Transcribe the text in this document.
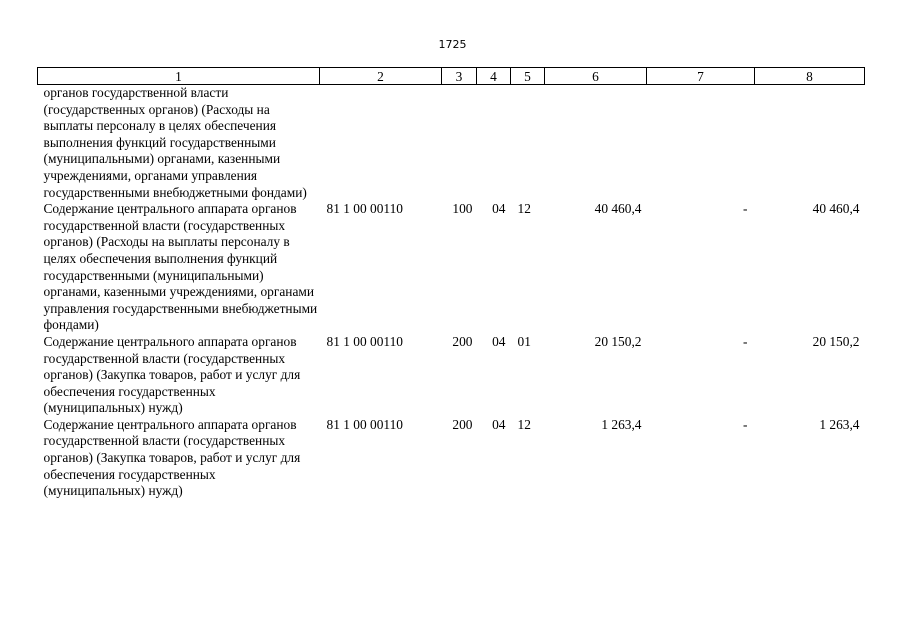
1725
1	2	3	4	5	6	7	8
органов государственной власти (государственных органов) (Расходы на выплаты персоналу в целях обеспечения выполнения функций государственными (муниципальными) органами, казенными учреждениями, органами управления государственными внебюджетными фондами)							
Содержание центрального аппарата органов государственной власти (государственных органов) (Расходы на выплаты персоналу в целях обеспечения выполнения функций государственными (муниципальными) органами, казенными учреждениями, органами управления государственными внебюджетными фондами)	81 1 00 00110	100	04	12	40 460,4	-	40 460,4
Содержание центрального аппарата органов государственной власти (государственных органов) (Закупка товаров, работ и услуг для обеспечения государственных (муниципальных) нужд)	81 1 00 00110	200	04	01	20 150,2	-	20 150,2
Содержание центрального аппарата органов государственной власти (государственных органов) (Закупка товаров, работ и услуг для обеспечения государственных (муниципальных) нужд)	81 1 00 00110	200	04	12	1 263,4	-	1 263,4
